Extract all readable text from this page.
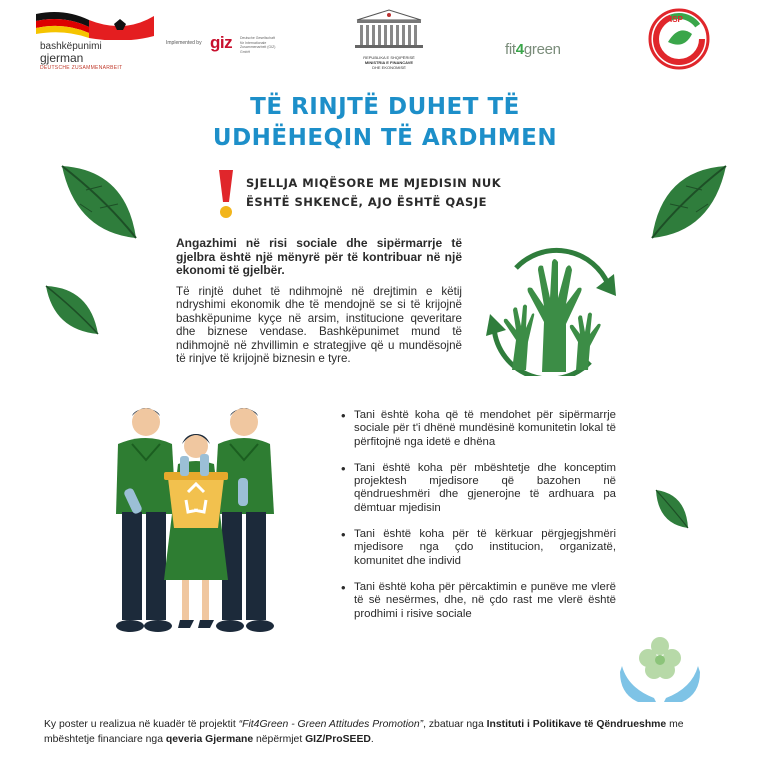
bashkëpunimi
gjerman
DEUTSCHE ZUSAMMENARBEIT
Implemented by giz Deutsche Gesellschaft für Internationale Zusammenarbeit (GIZ) GmbH
REPUBLIKA E SHQIPËRISË
MINISTRIA E FINANCAVE
DHE EKONOMISË
fit4green
ISP
TË RINJTË DUHET TË
UDHËHEQIN TË ARDHMEN
SJELLJA MIQËSORE ME MJEDISIN NUK
ËSHTË SHKENCË, AJO ËSHTË QASJE
Angazhimi në risi sociale dhe sipërmarrje të gjelbra është një mënyrë për të kontribuar në një ekonomi të gjelbër.
Të rinjtë duhet të ndihmojnë në drejtimin e këtij ndryshimi ekonomik dhe të mendojnë se si të krijojnë bashkëpunime kyçe në arsim, institucione qeveritare dhe biznese vendase. Bashkëpunimet mund të ndihmojnë në zhvillimin e strategjive që u mundësojnë të rinjve të krijojnë biznesin e tyre.
• Tani është koha që të mendohet për sipërmarrje sociale për t'i dhënë mundësinë komunitetin lokal të përfitojnë nga idetë e dhëna
• Tani është koha për mbështetje dhe konceptim projektesh mjedisore që bazohen në qëndrueshmëri dhe gjenerojne të ardhuara pa dëmtuar mjedisin
• Tani është koha për të kërkuar përgjegjshmëri mjedisore nga çdo institucion, organizatë, komunitet dhe individ
• Tani është koha për përcaktimin e punëve me vlerë të së nesërmes, dhe, në çdo rast me vlerë është prodhimi i risive sociale
Ky poster u realizua në kuadër të projektit “Fit4Green - Green Attitudes Promotion”, zbatuar nga Instituti i Politikave të Qëndrueshme me mbështetje financiare nga qeveria Gjermane nëpërmjet GIZ/ProSEED.
